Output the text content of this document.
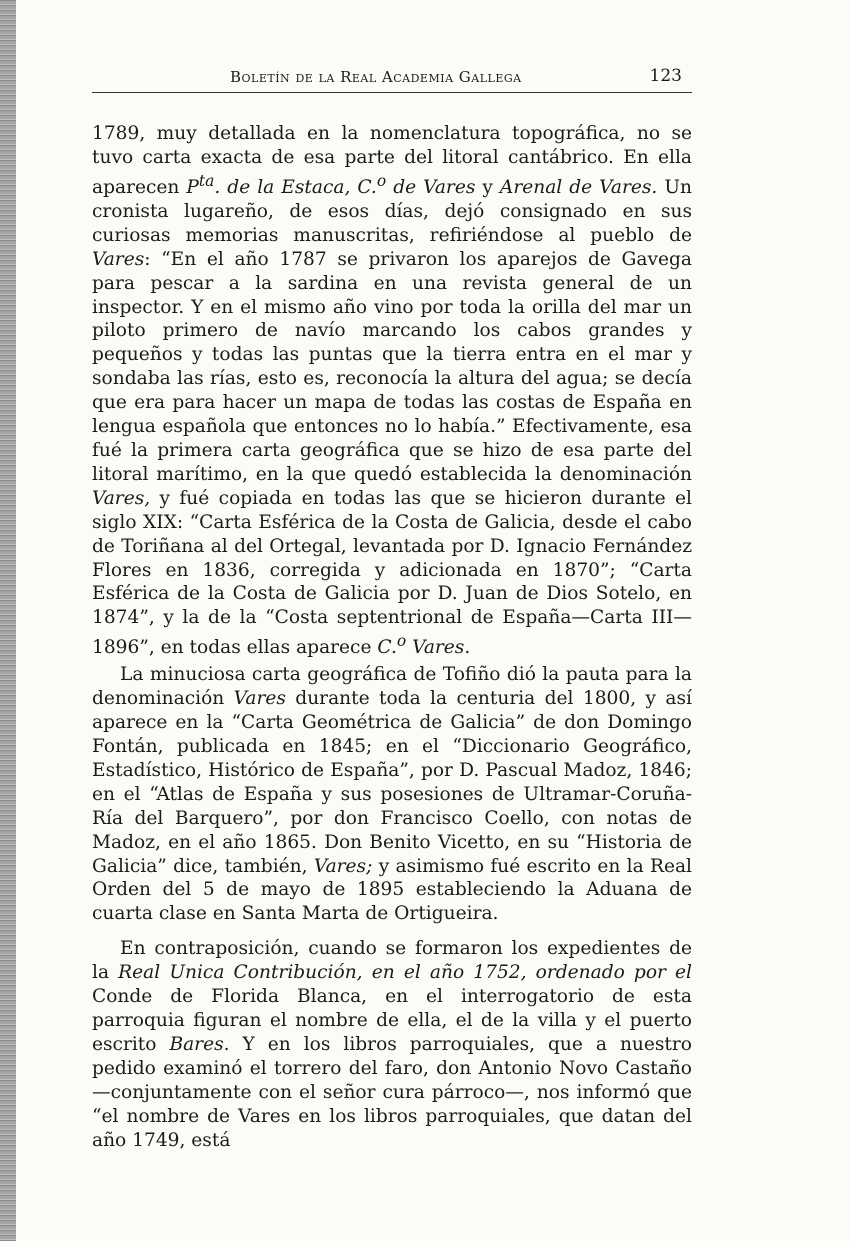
Boletín de la Real Academia Gallega	123

1789, muy detallada en la nomenclatura topográfica, no se tuvo carta exacta de esa parte del litoral cantábrico. En ella aparecen $P^{ta}$. de la Estaca, C.$^o$ de Vares y Arenal de Vares. Un cronista lugareño, de esos días, dejó consignado en sus curiosas memorias manuscritas, refiriéndose al pueblo de Vares: “En el año 1787 se privaron los aparejos de Gavega para pescar a la sardina en una revista general de un inspector. Y en el mismo año vino por toda la orilla del mar un piloto primero de navío marcando los cabos grandes y pequeños y todas las puntas que la tierra entra en el mar y sondaba las rías, esto es, reconocía la altura del agua; se decía que era para hacer un mapa de todas las costas de España en lengua española que entonces no lo había.” Efectivamente, esa fué la primera carta geográfica que se hizo de esa parte del litoral marítimo, en la que quedó establecida la denominación Vares, y fué copiada en todas las que se hicieron durante el siglo XIX: “Carta Esférica de la Costa de Galicia, desde el cabo de Toriñana al del Ortegal, levantada por D. Ignacio Fernández Flores en 1836, corregida y adicionada en 1870”; “Carta Esférica de la Costa de Galicia por D. Juan de Dios Sotelo, en 1874”, y la de la “Costa septentrional de España—Carta III—1896”, en todas ellas aparece C.$^o$ Vares.

La minuciosa carta geográfica de Tofiño dió la pauta para la denominación Vares durante toda la centuria del 1800, y así aparece en la “Carta Geométrica de Galicia” de don Domingo Fontán, publicada en 1845; en el “Diccionario Geográfico, Estadístico, Histórico de España”, por D. Pascual Madoz, 1846; en el “Atlas de España y sus posesiones de Ultramar-Coruña-Ría del Barquero”, por don Francisco Coello, con notas de Madoz, en el año 1865. Don Benito Vicetto, en su “Historia de Galicia” dice, también, Vares; y asimismo fué escrito en la Real Orden del 5 de mayo de 1895 estableciendo la Aduana de cuarta clase en Santa Marta de Ortigueira.

En contraposición, cuando se formaron los expedientes de la Real Unica Contribución, en el año 1752, ordenado por el Conde de Florida Blanca, en el interrogatorio de esta parroquia figuran el nombre de ella, el de la villa y el puerto escrito Bares. Y en los libros parroquiales, que a nuestro pedido examinó el torrero del faro, don Antonio Novo Castaño —conjuntamente con el señor cura párroco—, nos informó que “el nombre de Vares en los libros parroquiales, que datan del año 1749, está
